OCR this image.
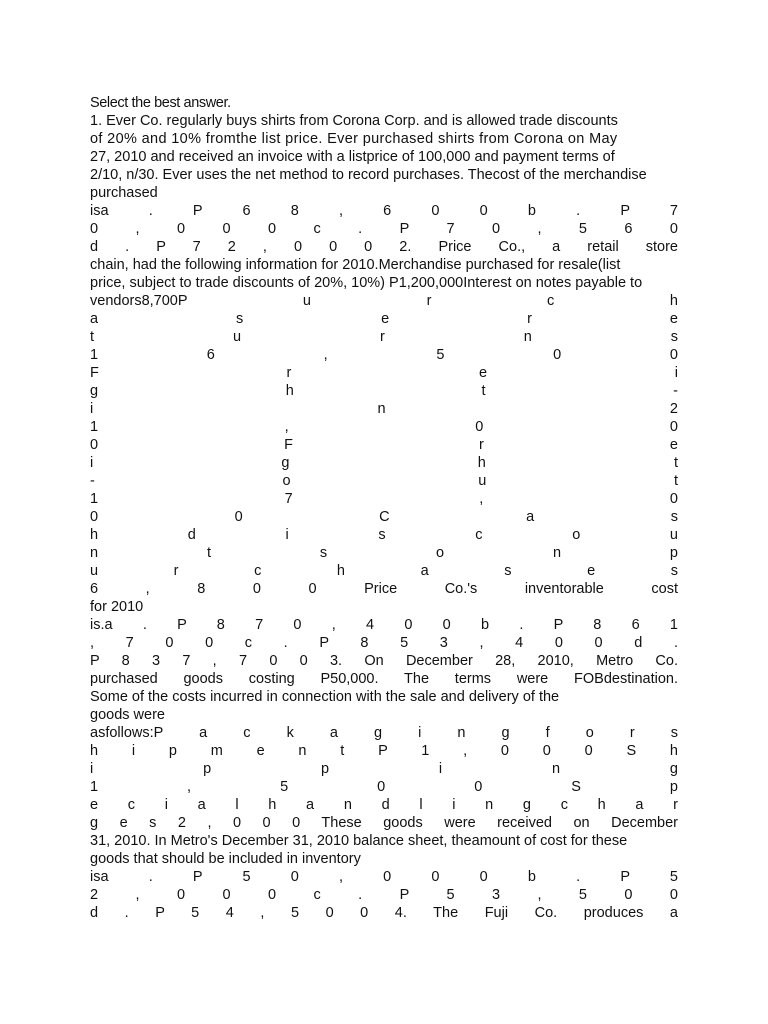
Select the best answer.
1. Ever Co. regularly buys shirts from Corona Corp. and is allowed trade discounts
of 20% and 10% fromthe list price. Ever purchased shirts from Corona on May
27, 2010 and received an invoice with a listprice of 100,000 and payment terms of
2/10, n/30. Ever uses the net method to record purchases. Thecost of the merchandise
purchased
isa . P 6 8 , 6 0 0 b . P 7
0 , 0 0 0 c . P 7 0 , 5 6 0
d . P 7 2 , 0 0 0 2. Price Co., a retail store
chain, had the following information for 2010.Merchandise purchased for resale(list
price, subject to trade discounts of 20%, 10%) P1,200,000Interest on notes payable to
vendors8,700P u r c h
a s e r e
t u r n s
1 6 , 5 0 0
F r e i
g h t -
i n 2
1 , 0 0
0 F r e
i g h t
- o u t
1 7 , 0
0 0 C a s
h d i s c o u
n t s o n p
u r c h a s e s
6 , 8 0 0 Price Co.'s inventorable cost
for 2010
is.a . P 8 7 0 , 4 0 0 b . P 8 6 1
, 7 0 0 c . P 8 5 3 , 4 0 0 d .
P 8 3 7 , 7 0 0 3. On December 28, 2010, Metro Co.
purchased goods costing P50,000. The terms were FOBdestination.
Some of the costs incurred in connection with the sale and delivery of the
goods were
asfollows:P a c k a g i n g f o r s
h i p m e n t P 1 , 0 0 0 S h
i p p i n g
1 , 5 0 0 S p
e c i a l h a n d l i n g c h a r
g e s 2 , 0 0 0 These goods were received on December
31, 2010. In Metro's December 31, 2010 balance sheet, theamount of cost for these
goods that should be included in inventory
isa . P 5 0 , 0 0 0 b . P 5
2 , 0 0 0 c . P 5 3 , 5 0 0
d . P 5 4 , 5 0 0 4. The Fuji Co. produces a
